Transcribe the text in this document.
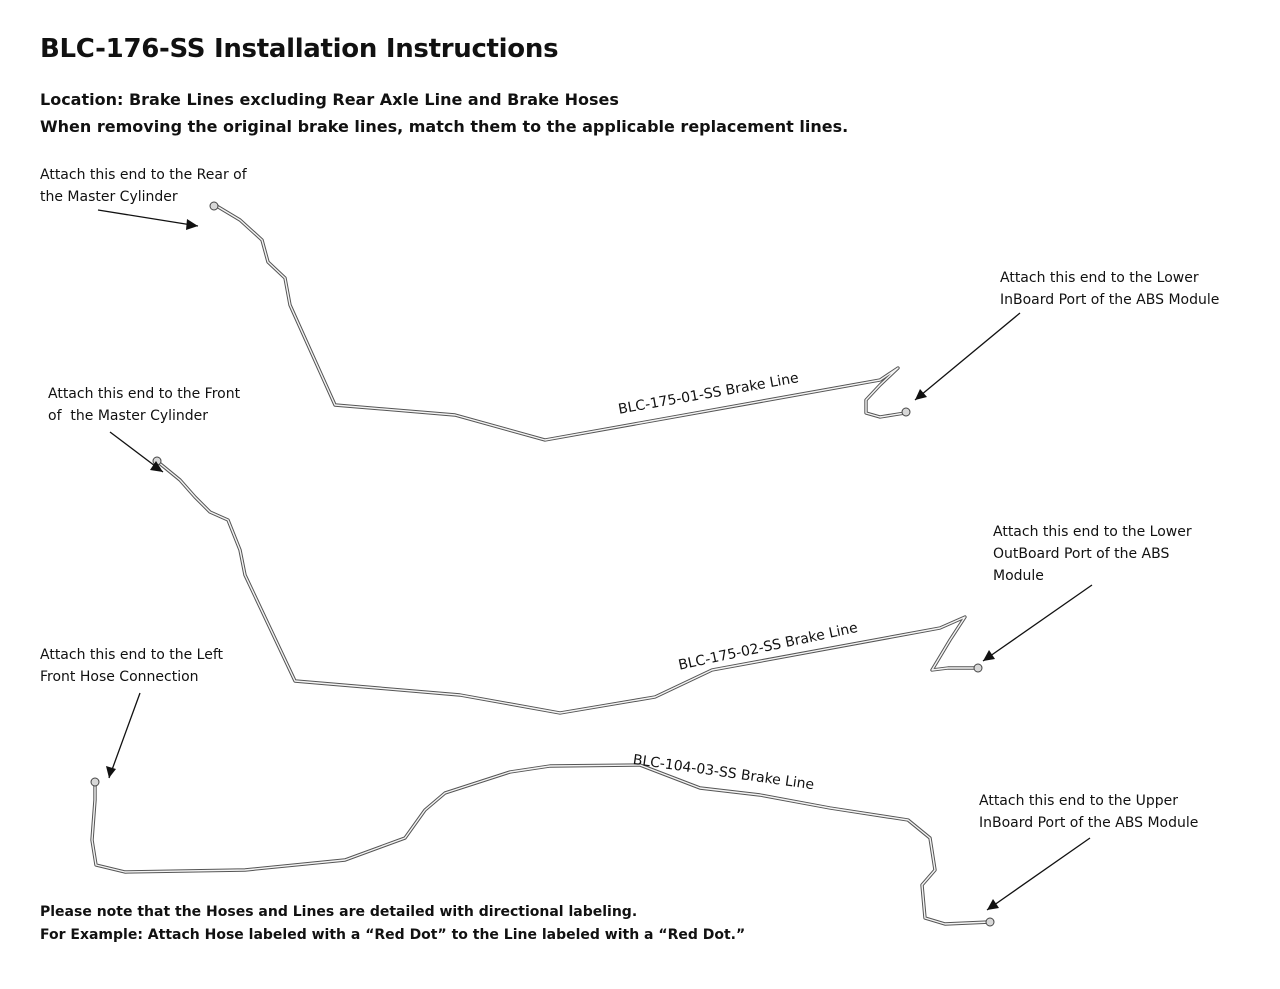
BLC-176-SS Installation Instructions
Location: Brake Lines excluding Rear Axle Line and Brake Hoses
When removing the original brake lines, match them to the applicable replacement lines.
Attach this end to the Rear of
the Master Cylinder
Attach this end to the Front
of  the Master Cylinder
Attach this end to the Left
Front Hose Connection
Attach this end to the Lower
InBoard Port of the ABS Module
Attach this end to the Lower
OutBoard Port of the ABS
Module
Attach this end to the Upper
InBoard Port of the ABS Module
BLC-175-01-SS Brake Line
BLC-175-02-SS Brake Line
BLC-104-03-SS Brake Line
Please note that the Hoses and Lines are detailed with directional labeling.
For Example: Attach Hose labeled with a “Red Dot” to the Line labeled with a “Red Dot.”
